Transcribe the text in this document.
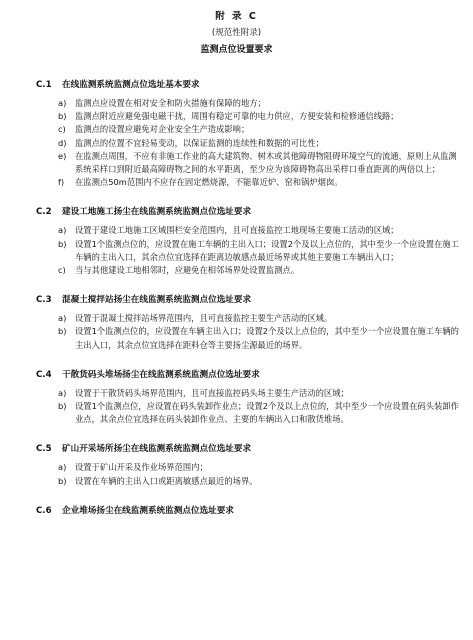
附 录 C
(规范性附录)
监测点位设置要求
C.1 在线监测系统监测点位选址基本要求
a)	监测点应设置在相对安全和防火措施有保障的地方；
b)	监测点附近应避免强电磁干扰，周围有稳定可靠的电力供应，方便安装和检修通信线路；
c)	监测点的设置应避免对企业安全生产造成影响；
d)	监测点的位置不宜轻易变动，以保证监测的连续性和数据的可比性；
e)	在监测点周围，不应有非施工作业的高大建筑物、树木或其他障碍物阻碍环境空气的流通，原则上从监测系统采样口到附近最高障碍物之间的水平距离，至少应为该障碍物高出采样口垂直距离的两倍以上；
f)	在监测点50m范围内不应存在固定燃烧源，不能靠近炉、窑和锅炉烟囱。
C.2 建设工地施工扬尘在线监测系统监测点位选址要求
a)	设置于建设工地施工区域围栏安全范围内，且可直接监控工地现场主要施工活动的区域；
b)	设置1个监测点位的，应设置在施工车辆的主出入口；设置2个及以上点位的，其中至少一个应设置在施工车辆的主出入口，其余点位宜选择在距离边敏感点最近场界或其他主要施工车辆出入口；
c)	当与其他建设工地相邻时，应避免在相邻场界处设置监测点。
C.3 混凝土搅拌站扬尘在线监测系统监测点位选址要求
a)	设置于混凝土搅拌站场界范围内，且可直接监控主要生产活动的区域。
b)	设置1个监测点位的，应设置在车辆主出入口；设置2个及以上点位的，其中至少一个应设置在施工车辆的主出入口，其余点位宜选择在距料仓等主要扬尘源最近的场界。
C.4 干散货码头堆场扬尘在线监测系统监测点位选址要求
a)	设置于干散货码头场界范围内，且可直接监控码头场主要生产活动的区域；
b)	设置1个监测点位，应设置在码头装卸作业点；设置2个及以上点位的，其中至少一个应设置在码头装卸作业点，其余点位宜选择在码头装卸作业点、主要的车辆出入口和散货堆场。
C.5 矿山开采场所扬尘在线监测系统监测点位选址要求
a)	设置于矿山开采及作业场界范围内；
b)	设置在车辆的主出入口或距离敏感点最近的场界。
C.6 企业堆场扬尘在线监测系统监测点位选址要求
